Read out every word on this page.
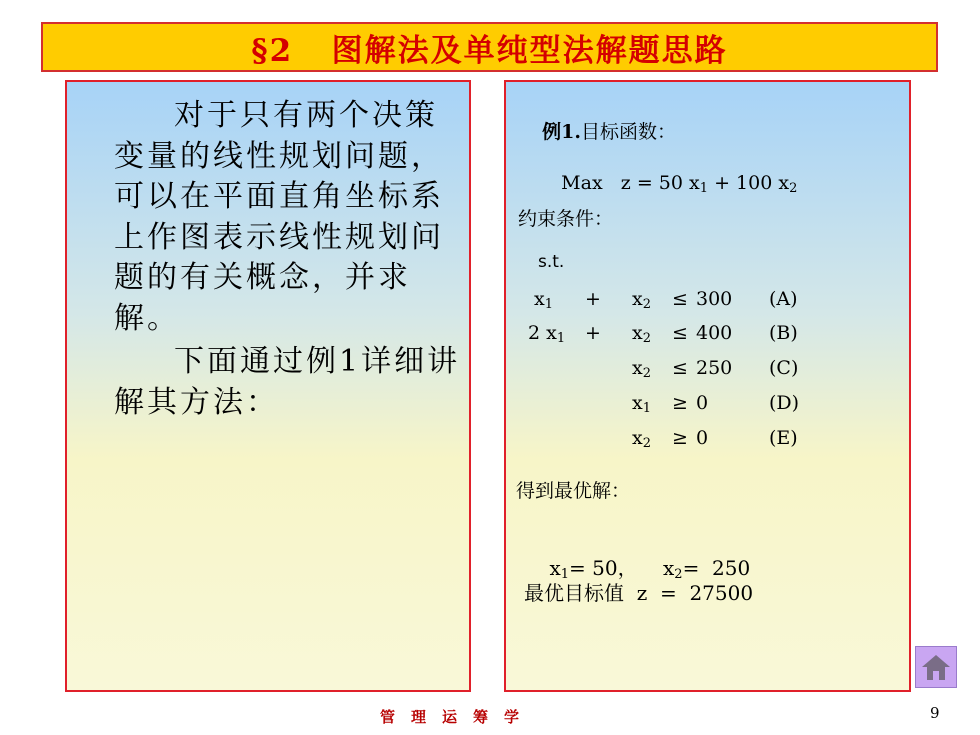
§2   图解法及单纯型法解题思路

对于只有两个决策变量的线性规划问题，可以在平面直角坐标系上作图表示线性规划问题的有关概念，并求解。

下面通过例1详细讲解其方法：

例1.目标函数：

Max z = 50 $x_1 + 100$ $x_2$

约束条件：
s.t.
$x_1 + x_2 \le 300$ (A)
2 $x_1 + x_2 \le 400$ (B)
$x_2 \le 250$ (C)
$x_1 \ge 0$	(D)
$x_2 \ge 0$	(E)
得到最优解：

$x_1= 50$， $x_2= 250$

最优目标值  z  =  27500
管理运筹学	9
